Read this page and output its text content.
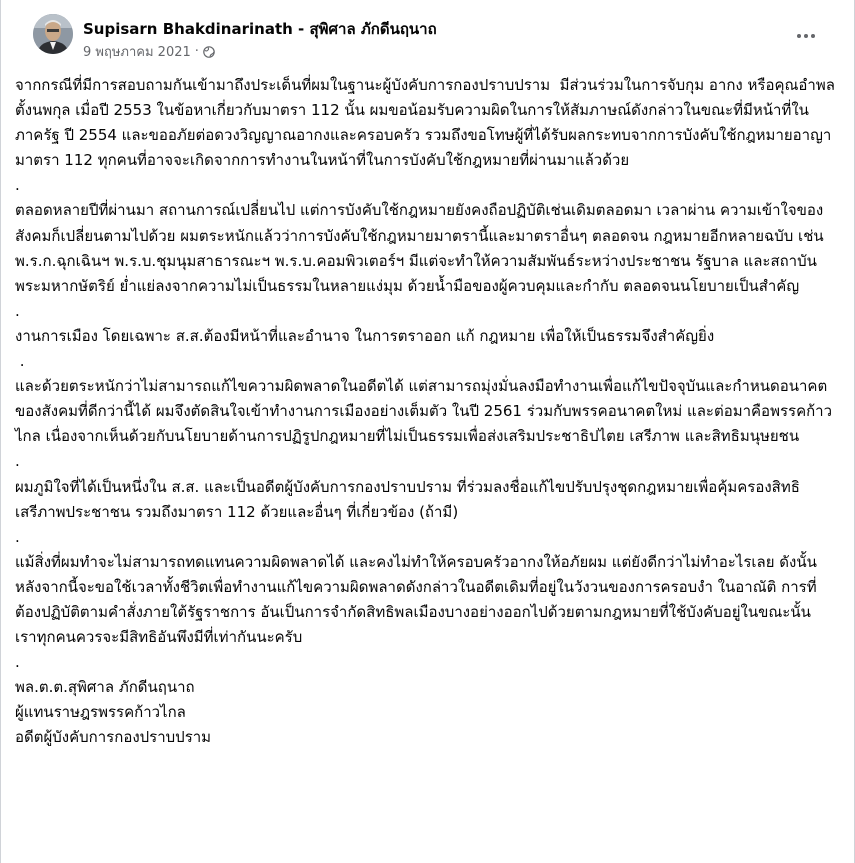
Supisarn Bhakdinarinath - สุพิศาล ภักดีนฤนาถ
9 พฤษภาคม 2021 ·
จากกรณีที่มีการสอบถามกันเข้ามาถึงประเด็นที่ผมในฐานะผู้บังคับการกองปราบปราม  มีส่วนร่วมในการจับกุม อากง หรือคุณอำพล ตั้งนพกุล เมื่อปี 2553 ในข้อหาเกี่ยวกับมาตรา 112 นั้น ผมขอน้อมรับความผิดในการให้สัมภาษณ์ดังกล่าวในขณะที่มีหน้าที่ในภาครัฐ ปี 2554 และขออภัยต่อดวงวิญญาณอากงและครอบครัว รวมถึงขอโทษผู้ที่ได้รับผลกระทบจากการบังคับใช้กฎหมายอาญา มาตรา 112 ทุกคนที่อาจจะเกิดจากการทำงานในหน้าที่ในการบังคับใช้กฎหมายที่ผ่านมาแล้วด้วย
.
ตลอดหลายปีที่ผ่านมา สถานการณ์เปลี่ยนไป แต่การบังคับใช้กฎหมายยังคงถือปฏิบัติเช่นเดิมตลอดมา เวลาผ่าน ความเข้าใจของสังคมก็เปลี่ยนตามไปด้วย ผมตระหนักแล้วว่าการบังคับใช้กฎหมายมาตรานี้และมาตราอื่นๆ ตลอดจน กฎหมายอีกหลายฉบับ เช่น พ.ร.ก.ฉุกเฉินฯ พ.ร.บ.ชุมนุมสาธารณะฯ พ.ร.บ.คอมพิวเตอร์ฯ มีแต่จะทำให้ความสัมพันธ์ระหว่างประชาชน รัฐบาล และสถาบันพระมหากษัตริย์ ย่ำแย่ลงจากความไม่เป็นธรรมในหลายแง่มุม ด้วยน้ำมือของผู้ควบคุมและกำกับ ตลอดจนนโยบายเป็นสำคัญ
.
งานการเมือง โดยเฉพาะ ส.ส.ต้องมีหน้าที่และอำนาจ ในการตราออก แก้ กฎหมาย เพื่อให้เป็นธรรมจึงสำคัญยิ่ง
.
และด้วยตระหนักว่าไม่สามารถแก้ไขความผิดพลาดในอดีตได้ แต่สามารถมุ่งมั่นลงมือทำงานเพื่อแก้ไขปัจจุบันและกำหนดอนาคตของสังคมที่ดีกว่านี้ได้ ผมจึงตัดสินใจเข้าทำงานการเมืองอย่างเต็มตัว ในปี 2561 ร่วมกับพรรคอนาคตใหม่ และต่อมาคือพรรคก้าวไกล เนื่องจากเห็นด้วยกับนโยบายด้านการปฏิรูปกฎหมายที่ไม่เป็นธรรมเพื่อส่งเสริมประชาธิปไตย เสรีภาพ และสิทธิมนุษยชน
.
ผมภูมิใจที่ได้เป็นหนึ่งใน ส.ส. และเป็นอดีตผู้บังคับการกองปราบปราม ที่ร่วมลงชื่อแก้ไขปรับปรุงชุดกฎหมายเพื่อคุ้มครองสิทธิเสรีภาพประชาชน รวมถึงมาตรา 112 ด้วยและอื่นๆ ที่เกี่ยวข้อง (ถ้ามี)
.
แม้สิ่งที่ผมทำจะไม่สามารถทดแทนความผิดพลาดได้ และคงไม่ทำให้ครอบครัวอากงให้อภัยผม แต่ยังดีกว่าไม่ทำอะไรเลย ดังนั้น หลังจากนี้จะขอใช้เวลาทั้งชีวิตเพื่อทำงานแก้ไขความผิดพลาดดังกล่าวในอดีตเดิมที่อยู่ในวังวนของการครอบงำ ในอาณัติ การที่ต้องปฏิบัติตามคำสั่งภายใต้รัฐราชการ อันเป็นการจำกัดสิทธิพลเมืองบางอย่างออกไปด้วยตามกฎหมายที่ใช้บังคับอยู่ในขณะนั้น เราทุกคนควรจะมีสิทธิอันพึงมีที่เท่ากันนะครับ
.
พล.ต.ต.สุพิศาล ภักดีนฤนาถ
ผู้แทนราษฎรพรรคก้าวไกล
อดีตผู้บังคับการกองปราบปราม
